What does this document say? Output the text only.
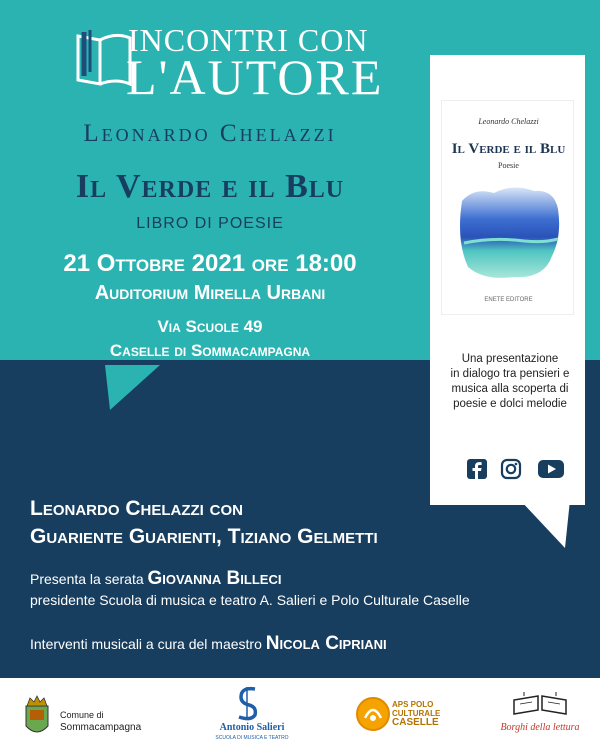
INCONTRI CON
L'AUTORE
Leonardo Chelazzi
Il Verde e il Blu
LIBRO DI POESIE
21 Ottobre 2021 ore 18:00
Auditorium Mirella Urbani
Via Scuole 49
Caselle di Sommacampagna
Leonardo Chelazzi
Il Verde e il Blu
Poesie
ENETE EDITORE
Una presentazione
in dialogo tra pensieri e
musica alla scoperta di
poesie e dolci melodie
Leonardo Chelazzi con
Guariente Guarienti, Tiziano Gelmetti
Presenta la serata Giovanna Billeci
presidente Scuola di musica e teatro A. Salieri e Polo Culturale Caselle
Interventi musicali a cura del maestro Nicola Cipriani
Comune di
Sommacampagna	Antonio Salieri
SCUOLA DI MUSICA E TEATRO
APS POLO
CULTURALE
CASELLE	Borghi della lettura
